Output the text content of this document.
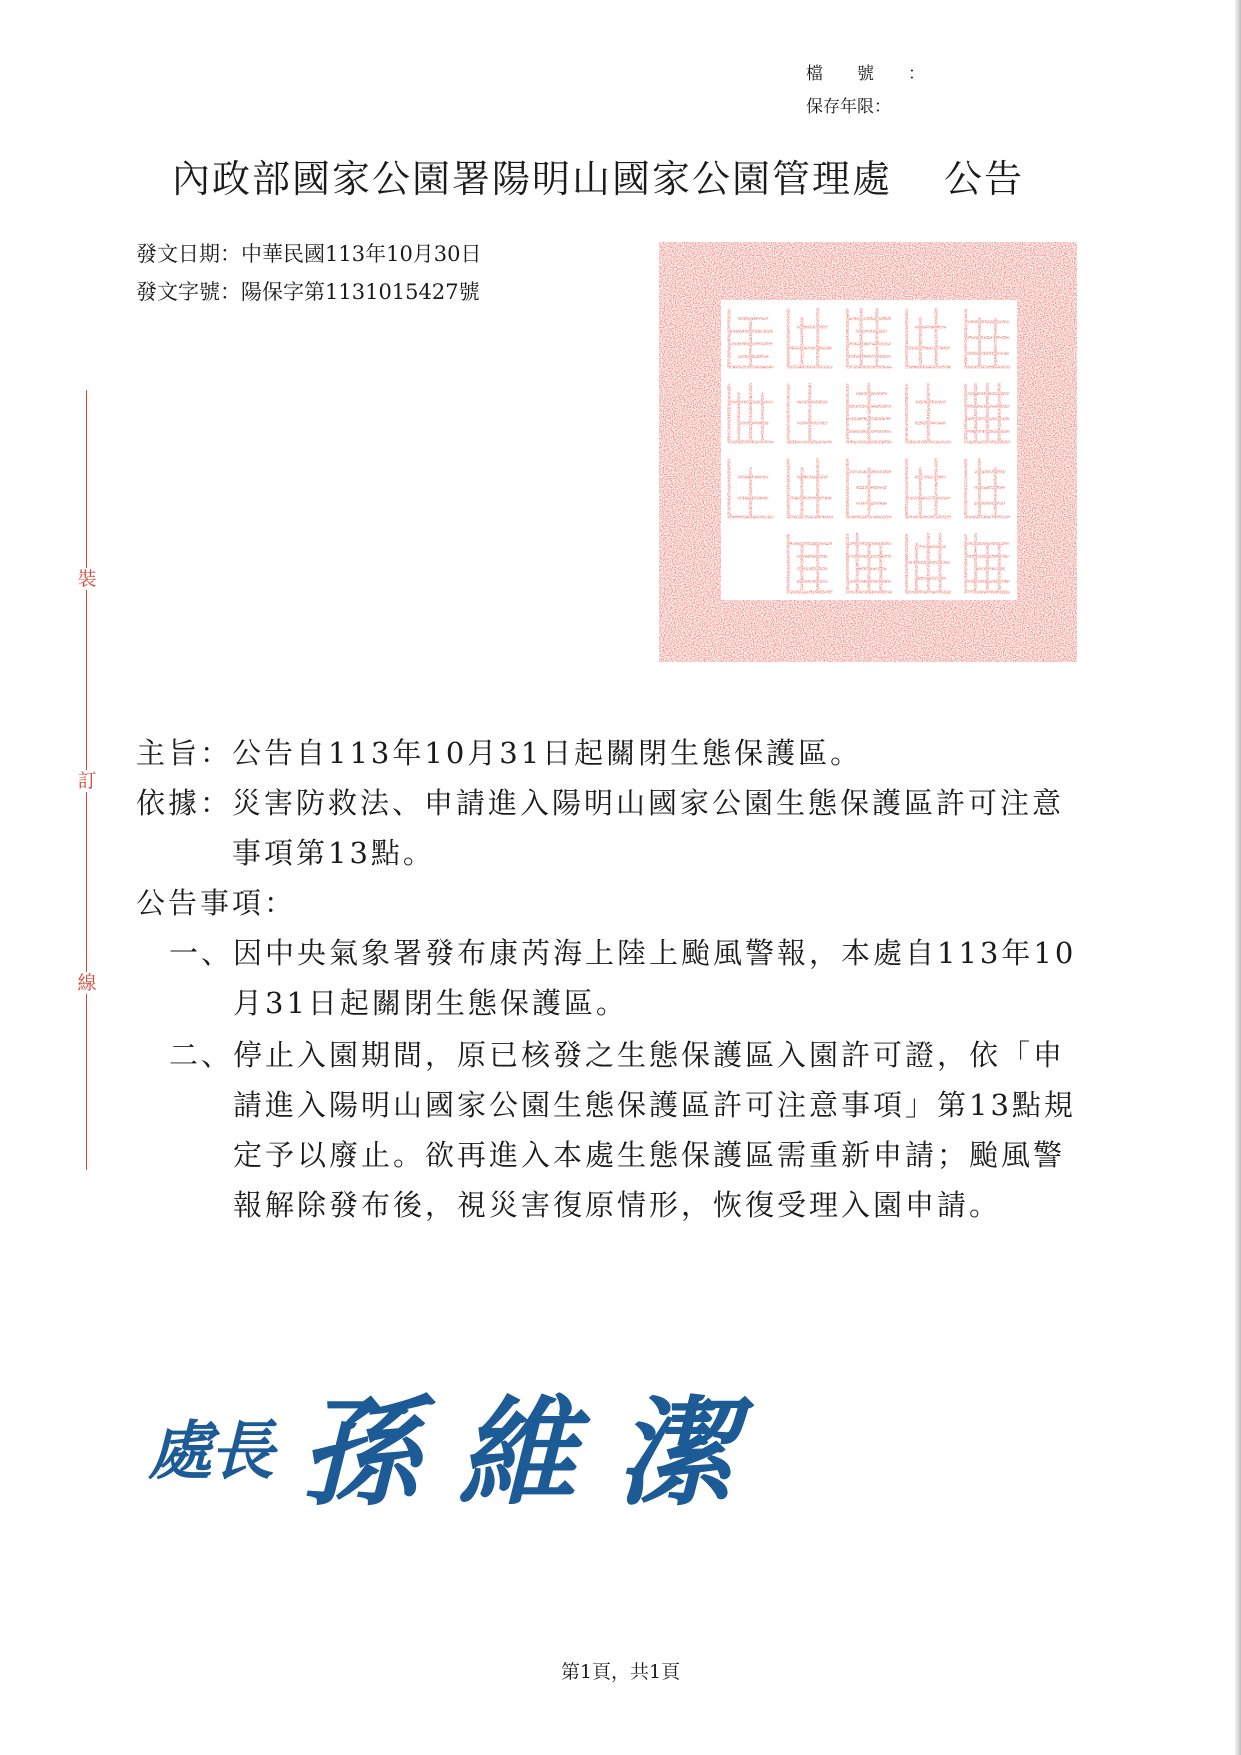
檔號：
保存年限：
內政部國家公園署陽明山國家公園管理處 公告
發文日期：中華民國113年10月30日
發文字號：陽保字第1131015427號
裝
訂
線
主旨： 公告自113年10月31日起關閉生態保護區。
依據： 災害防救法、申請進入陽明山國家公園生態保護區許可注意事項第13點。
公告事項：
一、 因中央氣象署發布康芮海上陸上颱風警報，本處自113年10月31日起關閉生態保護區。
二、 停止入園期間，原已核發之生態保護區入園許可證，依「申請進入陽明山國家公園生態保護區許可注意事項」第13點規定予以廢止。欲再進入本處生態保護區需重新申請；颱風警報解除發布後，視災害復原情形，恢復受理入園申請。
處長 孫維潔
第1頁，共1頁
